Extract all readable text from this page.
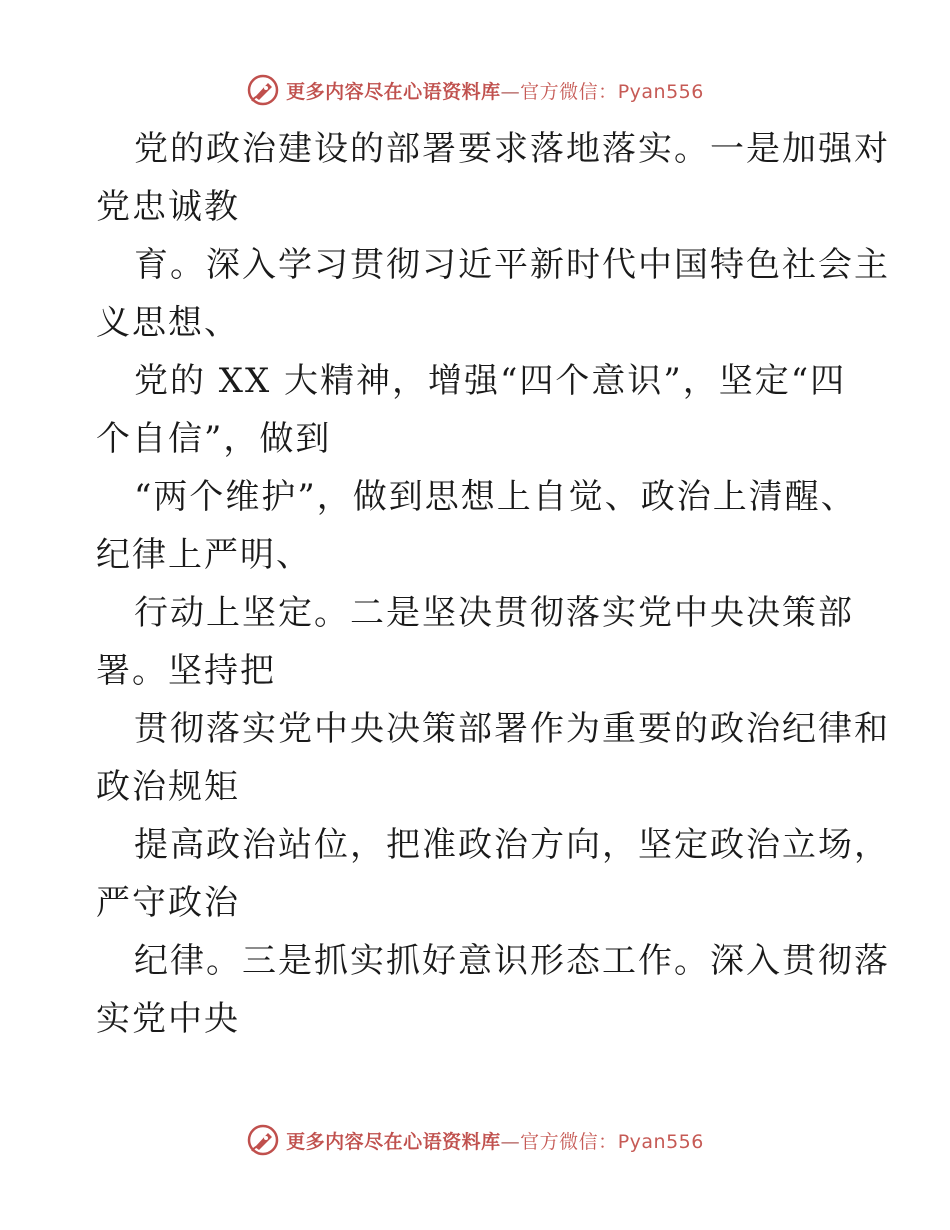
更多内容尽在心语资料库—官方微信：Pyan556

党的政治建设的部署要求落地落实。一是加强对

党忠诚教

育。深入学习贯彻习近平新时代中国特色社会主

义思想、

党的 XX 大精神，增强“四个意识”，坚定“四

个自信”，做到

“两个维护”，做到思想上自觉、政治上清醒、

纪律上严明、

行动上坚定。二是坚决贯彻落实党中央决策部

署。坚持把

贯彻落实党中央决策部署作为重要的政治纪律和

政治规矩

提高政治站位，把准政治方向，坚定政治立场，

严守政治

纪律。三是抓实抓好意识形态工作。深入贯彻落

实党中央

更多内容尽在心语资料库—官方微信：Pyan556
